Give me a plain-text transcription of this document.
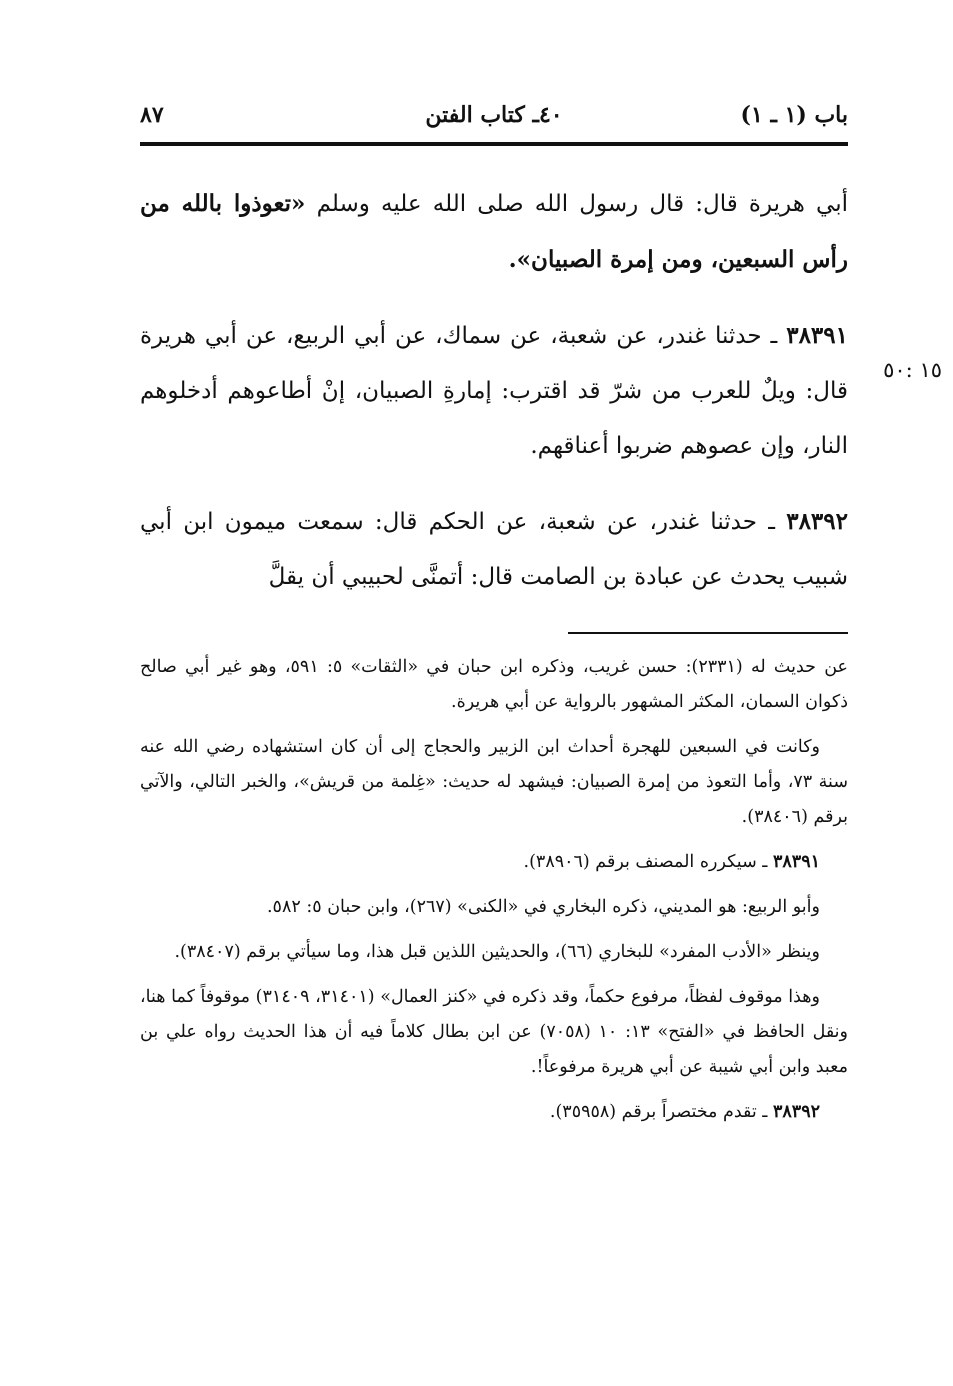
باب (١ ـ ١)
٤٠ـ كتاب الفتن
٨٧
١٥ :٥٠

أبي هريرة قال: قال رسول الله صلى الله عليه وسلم «تعوذوا بالله من رأس السبعين، ومن إمرة الصبيان».

٣٨٣٩١ ـ حدثنا غندر، عن شعبة، عن سماك، عن أبي الربيع، عن أبي هريرة قال: ويلٌ للعرب من شرّ قد اقترب: إمارةِ الصبيان، إنْ أطاعوهم أدخلوهم النار، وإن عصوهم ضربوا أعناقهم.

٣٨٣٩٢ ـ حدثنا غندر، عن شعبة، عن الحكم قال: سمعت ميمون ابن أبي شبيب يحدث عن عبادة بن الصامت قال: أتمنَّى لحبيبي أن يقلَّ

عن حديث له (٢٣٣١): حسن غريب، وذكره ابن حبان في «الثقات» ٥: ٥٩١، وهو غير أبي صالح ذكوان السمان، المكثر المشهور بالرواية عن أبي هريرة.

وكانت في السبعين للهجرة أحداث ابن الزبير والحجاج إلى أن كان استشهاده رضي الله عنه سنة ٧٣، وأما التعوذ من إمرة الصبيان: فيشهد له حديث: «غِلمة من قريش»، والخبر التالي، والآتي برقم (٣٨٤٠٦).

٣٨٣٩١ ـ سيكرره المصنف برقم (٣٨٩٠٦).

وأبو الربيع: هو المديني، ذكره البخاري في «الكنى» (٢٦٧)، وابن حبان ٥: ٥٨٢.

وينظر «الأدب المفرد» للبخاري (٦٦)، والحديثين اللذين قبل هذا، وما سيأتي برقم (٣٨٤٠٧).

وهذا موقوف لفظاً، مرفوع حكماً، وقد ذكره في «كنز العمال» (٣١٤٠١، ٣١٤٠٩) موقوفاً كما هنا، ونقل الحافظ في «الفتح» ١٣: ١٠ (٧٠٥٨) عن ابن بطال كلاماً فيه أن هذا الحديث رواه علي بن معبد وابن أبي شيبة عن أبي هريرة مرفوعاً!.

٣٨٣٩٢ ـ تقدم مختصراً برقم (٣٥٩٥٨).
